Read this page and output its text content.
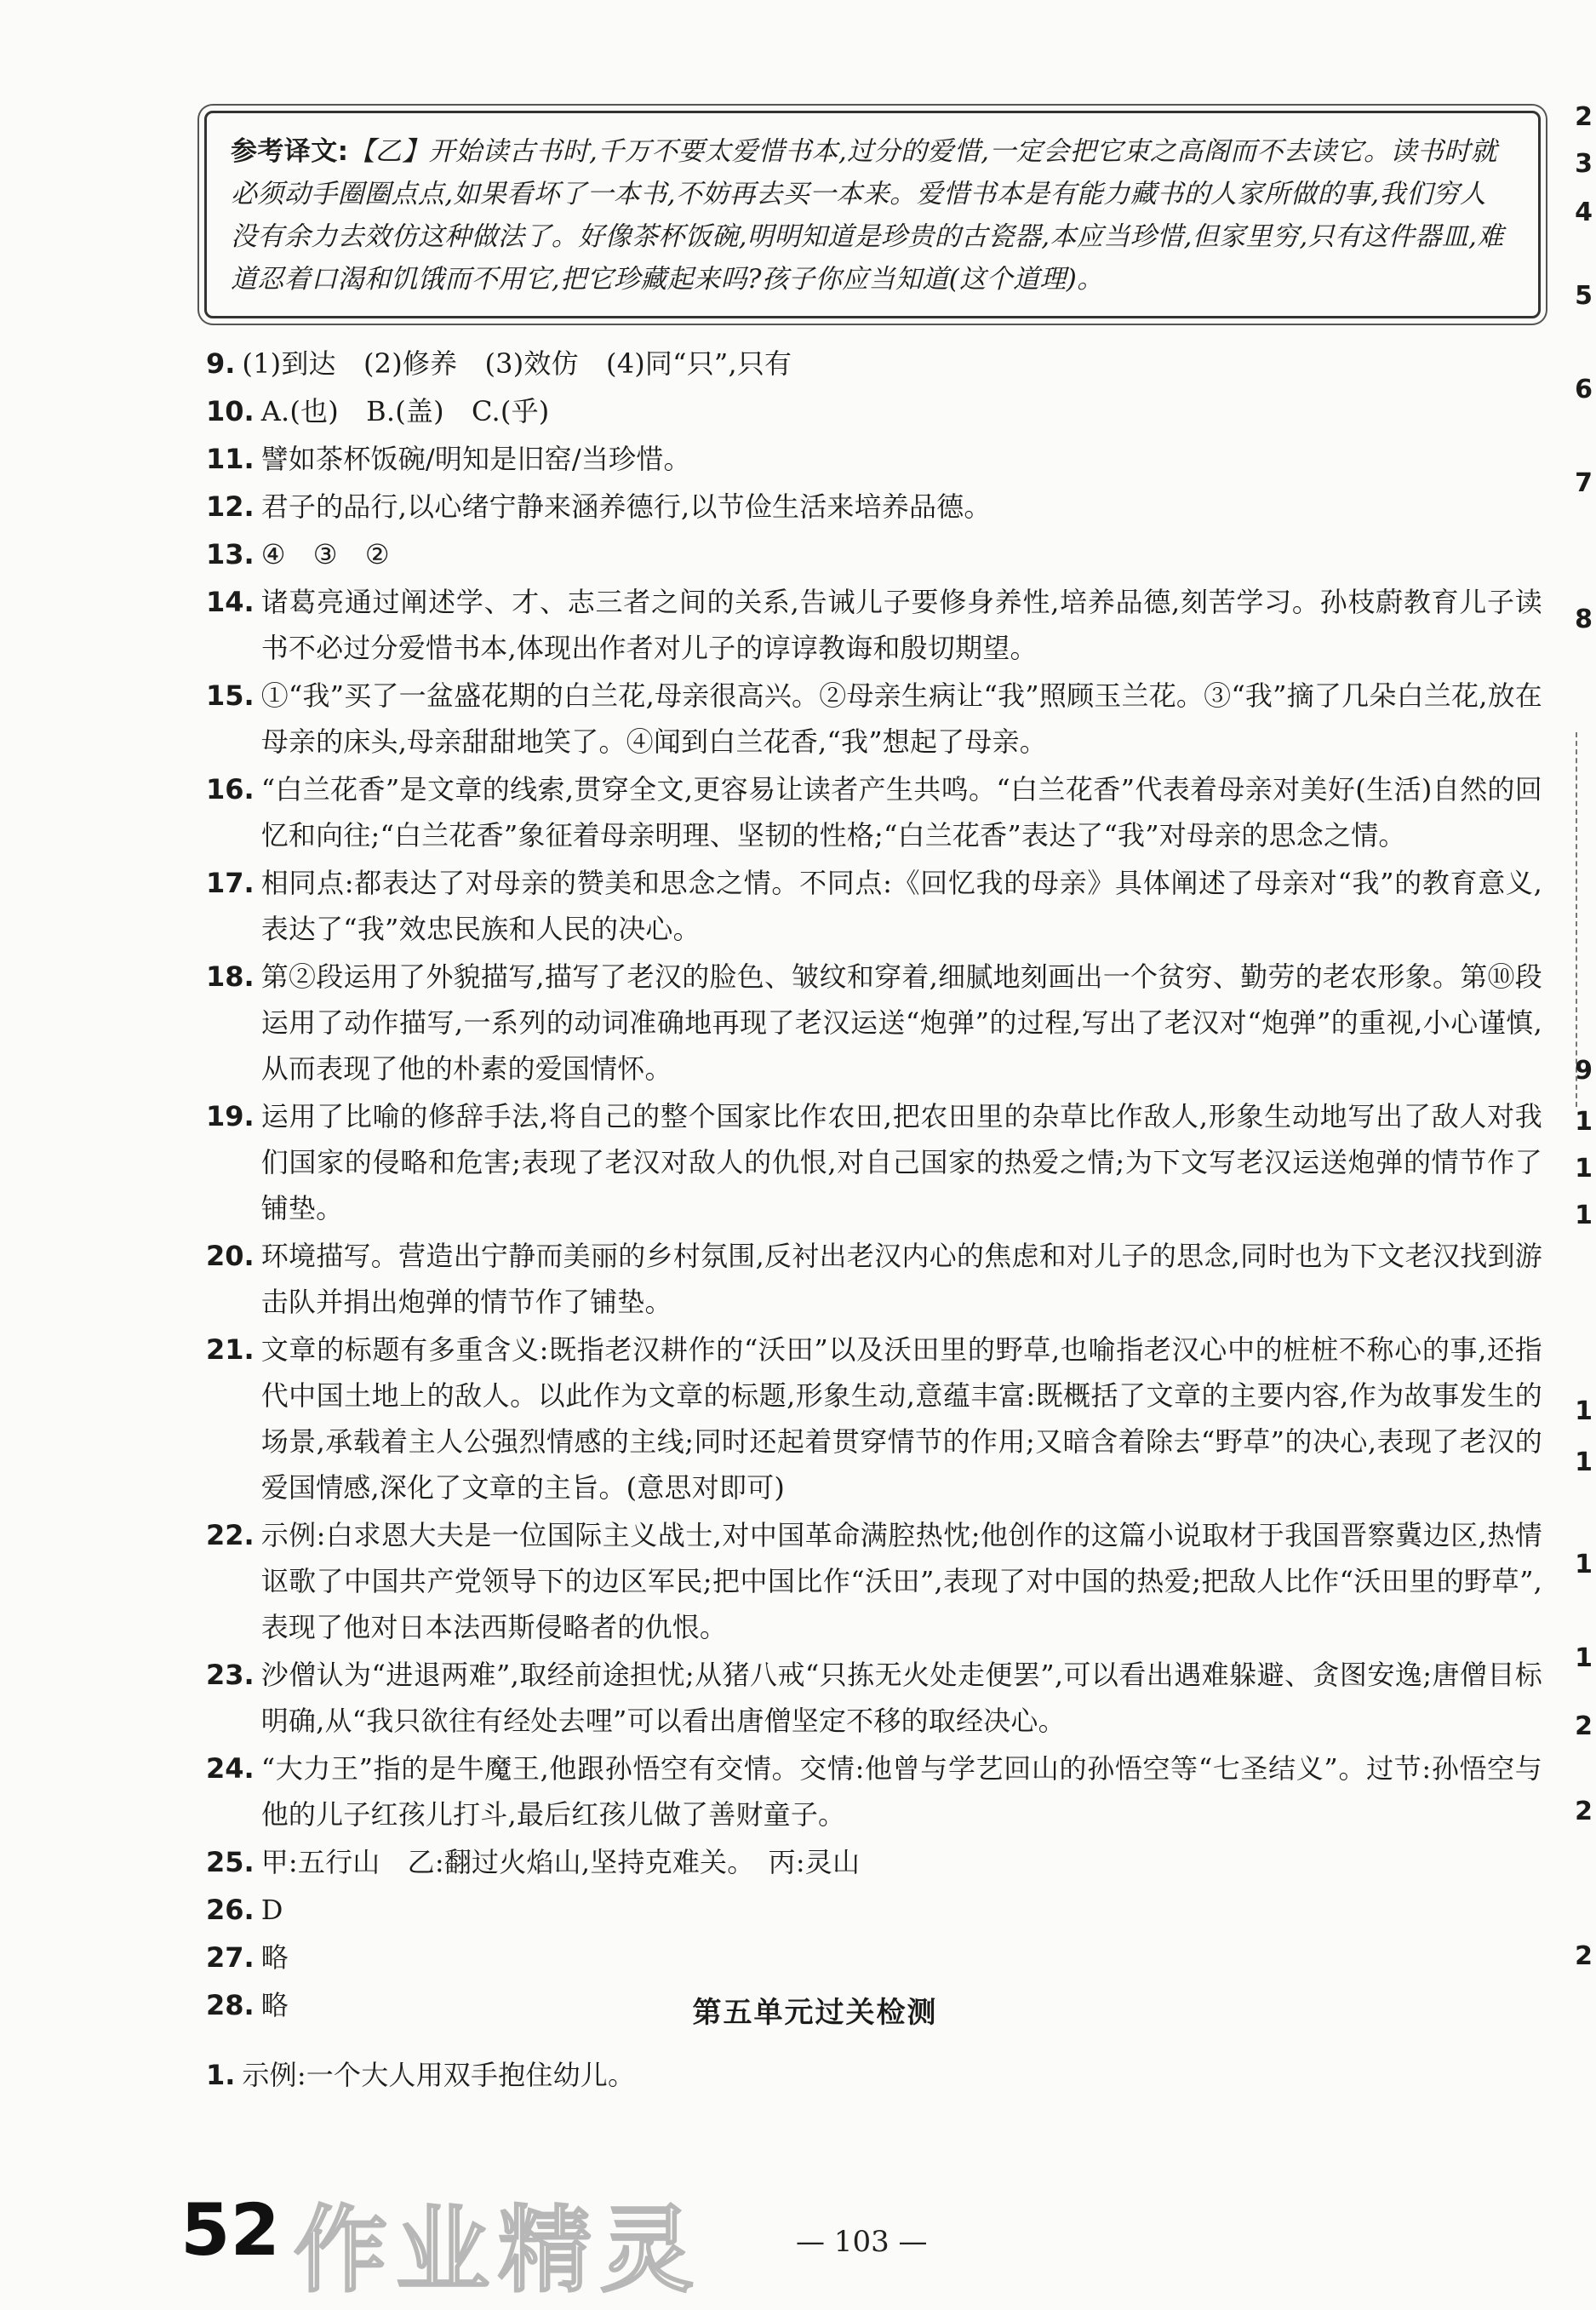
参考译文:【乙】开始读古书时,千万不要太爱惜书本,过分的爱惜,一定会把它束之高阁而不去读它。读书时就必须动手圈圈点点,如果看坏了一本书,不妨再去买一本来。爱惜书本是有能力藏书的人家所做的事,我们穷人没有余力去效仿这种做法了。好像茶杯饭碗,明明知道是珍贵的古瓷器,本应当珍惜,但家里穷,只有这件器皿,难道忍着口渴和饥饿而不用它,把它珍藏起来吗?孩子你应当知道(这个道理)。
9. (1)到达　(2)修养　(3)效仿　(4)同“只”,只有
10. A.(也)　B.(盖)　C.(乎)
11. 譬如茶杯饭碗/明知是旧窑/当珍惜。
12. 君子的品行,以心绪宁静来涵养德行,以节俭生活来培养品德。
13. ④　③　②
14. 诸葛亮通过阐述学、才、志三者之间的关系,告诫儿子要修身养性,培养品德,刻苦学习。孙枝蔚教育儿子读书不必过分爱惜书本,体现出作者对儿子的谆谆教诲和殷切期望。
15. ①“我”买了一盆盛花期的白兰花,母亲很高兴。②母亲生病让“我”照顾玉兰花。③“我”摘了几朵白兰花,放在母亲的床头,母亲甜甜地笑了。④闻到白兰花香,“我”想起了母亲。
16. “白兰花香”是文章的线索,贯穿全文,更容易让读者产生共鸣。“白兰花香”代表着母亲对美好(生活)自然的回忆和向往;“白兰花香”象征着母亲明理、坚韧的性格;“白兰花香”表达了“我”对母亲的思念之情。
17. 相同点:都表达了对母亲的赞美和思念之情。不同点:《回忆我的母亲》具体阐述了母亲对“我”的教育意义,表达了“我”效忠民族和人民的决心。
18. 第②段运用了外貌描写,描写了老汉的脸色、皱纹和穿着,细腻地刻画出一个贫穷、勤劳的老农形象。第⑩段运用了动作描写,一系列的动词准确地再现了老汉运送“炮弹”的过程,写出了老汉对“炮弹”的重视,小心谨慎,从而表现了他的朴素的爱国情怀。
19. 运用了比喻的修辞手法,将自己的整个国家比作农田,把农田里的杂草比作敌人,形象生动地写出了敌人对我们国家的侵略和危害;表现了老汉对敌人的仇恨,对自己国家的热爱之情;为下文写老汉运送炮弹的情节作了铺垫。
20. 环境描写。营造出宁静而美丽的乡村氛围,反衬出老汉内心的焦虑和对儿子的思念,同时也为下文老汉找到游击队并捐出炮弹的情节作了铺垫。
21. 文章的标题有多重含义:既指老汉耕作的“沃田”以及沃田里的野草,也喻指老汉心中的桩桩不称心的事,还指代中国土地上的敌人。以此作为文章的标题,形象生动,意蕴丰富:既概括了文章的主要内容,作为故事发生的场景,承载着主人公强烈情感的主线;同时还起着贯穿情节的作用;又暗含着除去“野草”的决心,表现了老汉的爱国情感,深化了文章的主旨。(意思对即可)
22. 示例:白求恩大夫是一位国际主义战士,对中国革命满腔热忱;他创作的这篇小说取材于我国晋察冀边区,热情讴歌了中国共产党领导下的边区军民;把中国比作“沃田”,表现了对中国的热爱;把敌人比作“沃田里的野草”,表现了他对日本法西斯侵略者的仇恨。
23. 沙僧认为“进退两难”,取经前途担忧;从猪八戒“只拣无火处走便罢”,可以看出遇难躲避、贪图安逸;唐僧目标明确,从“我只欲往有经处去哩”可以看出唐僧坚定不移的取经决心。
24. “大力王”指的是牛魔王,他跟孙悟空有交情。交情:他曾与学艺回山的孙悟空等“七圣结义”。过节:孙悟空与他的儿子红孩儿打斗,最后红孩儿做了善财童子。
25. 甲:五行山　乙:翻过火焰山,坚持克难关。　丙:灵山
26. D
27. 略
28. 略	第五单元过关检测
1. 示例:一个大人用双手抱住幼儿。
52 作业精灵	— 103 —
2
3
4
5
6
7
8
9
1
1
1
1
1
1
1
2
2
2
